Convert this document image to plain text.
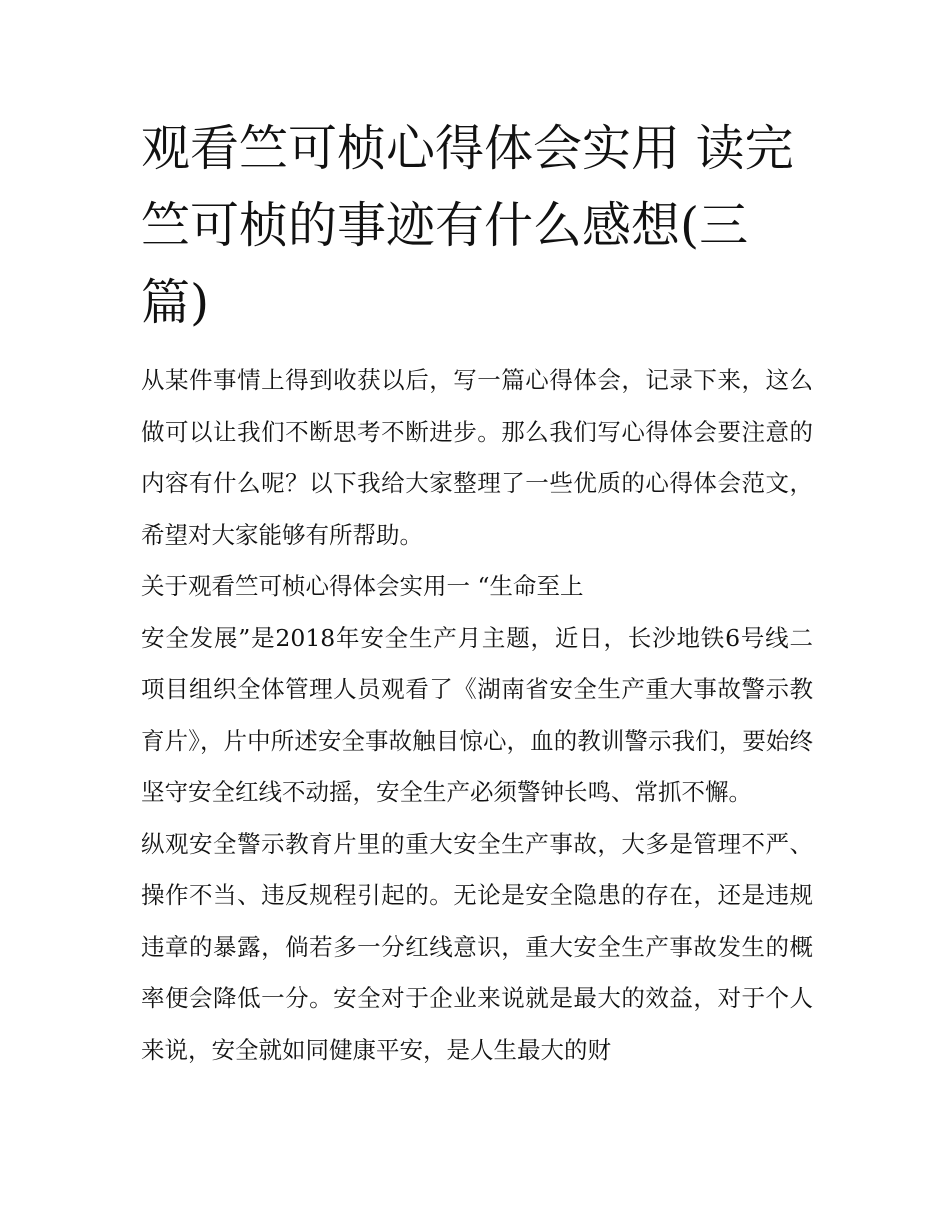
观看竺可桢心得体会实用 读完竺可桢的事迹有什么感想(三篇)

从某件事情上得到收获以后，写一篇心得体会，记录下来，这么做可以让我们不断思考不断进步。那么我们写心得体会要注意的内容有什么呢？以下我给大家整理了一些优质的心得体会范文，希望对大家能够有所帮助。

关于观看竺可桢心得体会实用一 “生命至上

安全发展”是2018年安全生产月主题，近日，长沙地铁6号线二项目组织全体管理人员观看了《湖南省安全生产重大事故警示教育片》，片中所述安全事故触目惊心，血的教训警示我们，要始终坚守安全红线不动摇，安全生产必须警钟长鸣、常抓不懈。

纵观安全警示教育片里的重大安全生产事故，大多是管理不严、操作不当、违反规程引起的。无论是安全隐患的存在，还是违规违章的暴露，倘若多一分红线意识，重大安全生产事故发生的概率便会降低一分。安全对于企业来说就是最大的效益，对于个人来说，安全就如同健康平安，是人生最大的财
